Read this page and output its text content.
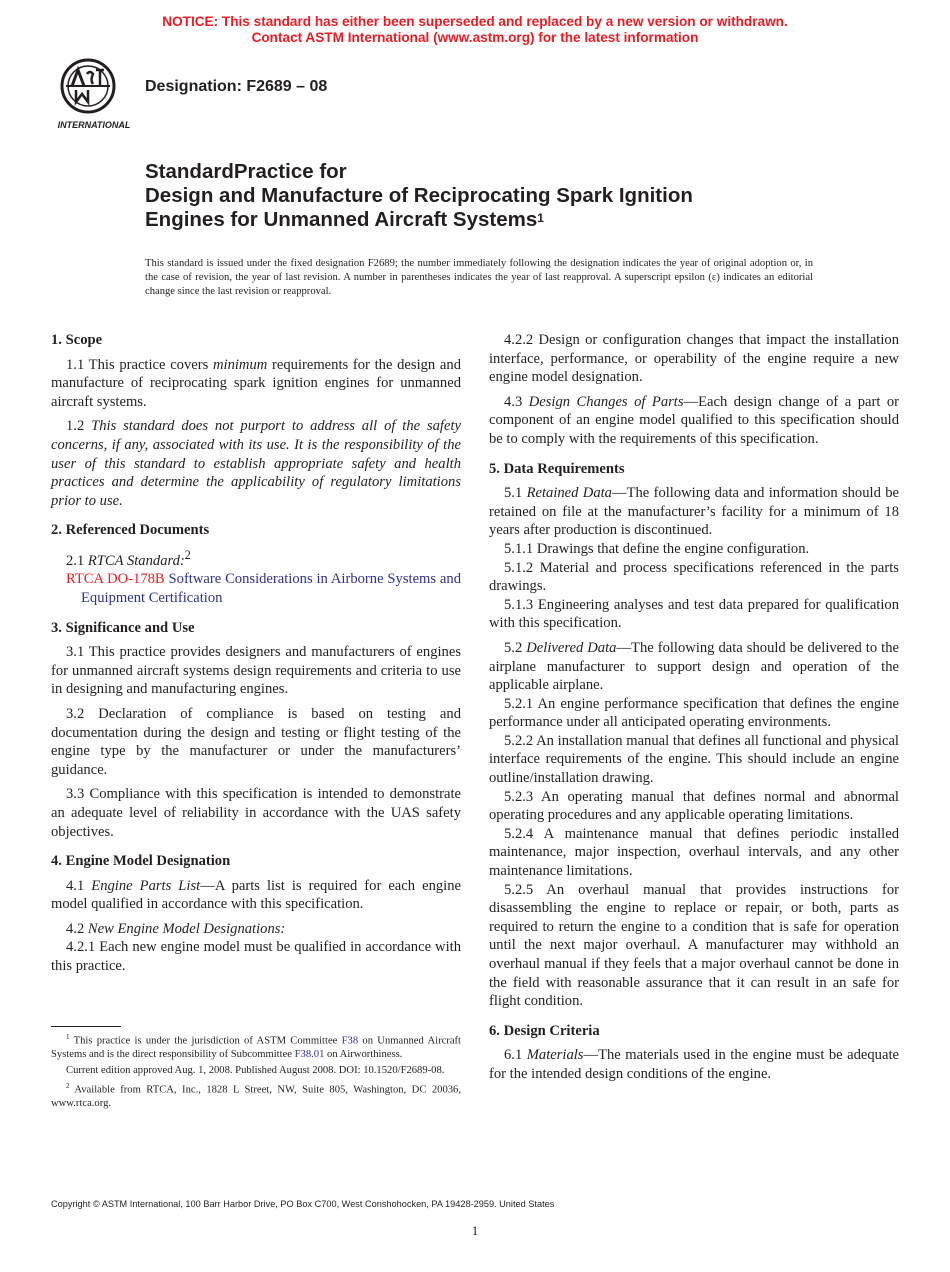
NOTICE: This standard has either been superseded and replaced by a new version or withdrawn.
Contact ASTM International (www.astm.org) for the latest information
INTERNATIONAL
Designation: F2689 – 08
StandardPractice for
Design and Manufacture of Reciprocating Spark Ignition
Engines for Unmanned Aircraft Systems$^1$
This standard is issued under the fixed designation F2689; the number immediately following the designation indicates the year of original adoption or, in the case of revision, the year of last revision. A number in parentheses indicates the year of last reapproval. A superscript epsilon (ε) indicates an editorial change since the last revision or reapproval.
1. Scope

1.1 This practice covers minimum requirements for the design and manufacture of reciprocating spark ignition engines for unmanned aircraft systems.

1.2 This standard does not purport to address all of the safety concerns, if any, associated with its use. It is the responsibility of the user of this standard to establish appropriate safety and health practices and determine the applicability of regulatory limitations prior to use.

2. Referenced Documents

2.1 RTCA Standard:$^2$

RTCA DO-178B Software Considerations in Airborne Systems and Equipment Certification

3. Significance and Use

3.1 This practice provides designers and manufacturers of engines for unmanned aircraft systems design requirements and criteria to use in designing and manufacturing engines.

3.2 Declaration of compliance is based on testing and documentation during the design and testing or flight testing of the engine type by the manufacturer or under the manufacturers’ guidance.

3.3 Compliance with this specification is intended to demonstrate an adequate level of reliability in accordance with the UAS safety objectives.

4. Engine Model Designation

4.1 Engine Parts List—A parts list is required for each engine model qualified in accordance with this specification.

4.2 New Engine Model Designations:

4.2.1 Each new engine model must be qualified in accordance with this practice.

$^1$ This practice is under the jurisdiction of ASTM Committee F38 on Unmanned Aircraft Systems and is the direct responsibility of Subcommittee F38.01 on Airworthiness.

Current edition approved Aug. 1, 2008. Published August 2008. DOI: 10.1520/F2689-08.

$^2$ Available from RTCA, Inc., 1828 L Street, NW, Suite 805, Washington, DC 20036, www.rtca.org.

4.2.2 Design or configuration changes that impact the installation interface, performance, or operability of the engine require a new engine model designation.

4.3 Design Changes of Parts—Each design change of a part or component of an engine model qualified to this specification should be to comply with the requirements of this specification.

5. Data Requirements

5.1 Retained Data—The following data and information should be retained on file at the manufacturer’s facility for a minimum of 18 years after production is discontinued.

5.1.1 Drawings that define the engine configuration.

5.1.2 Material and process specifications referenced in the parts drawings.

5.1.3 Engineering analyses and test data prepared for qualification with this specification.

5.2 Delivered Data—The following data should be delivered to the airplane manufacturer to support design and operation of the applicable airplane.

5.2.1 An engine performance specification that defines the engine performance under all anticipated operating environments.

5.2.2 An installation manual that defines all functional and physical interface requirements of the engine. This should include an engine outline/installation drawing.

5.2.3 An operating manual that defines normal and abnormal operating procedures and any applicable operating limitations.

5.2.4 A maintenance manual that defines periodic installed maintenance, major inspection, overhaul intervals, and any other maintenance limitations.

5.2.5 An overhaul manual that provides instructions for disassembling the engine to replace or repair, or both, parts as required to return the engine to a condition that is safe for operation until the next major overhaul. A manufacturer may withhold an overhaul manual if they feels that a major overhaul cannot be done in the field with reasonable assurance that it can result in an safe for flight condition.

6. Design Criteria

6.1 Materials—The materials used in the engine must be adequate for the intended design conditions of the engine.

Copyright © ASTM International, 100 Barr Harbor Drive, PO Box C700, West Conshohocken, PA 19428-2959. United States
1
